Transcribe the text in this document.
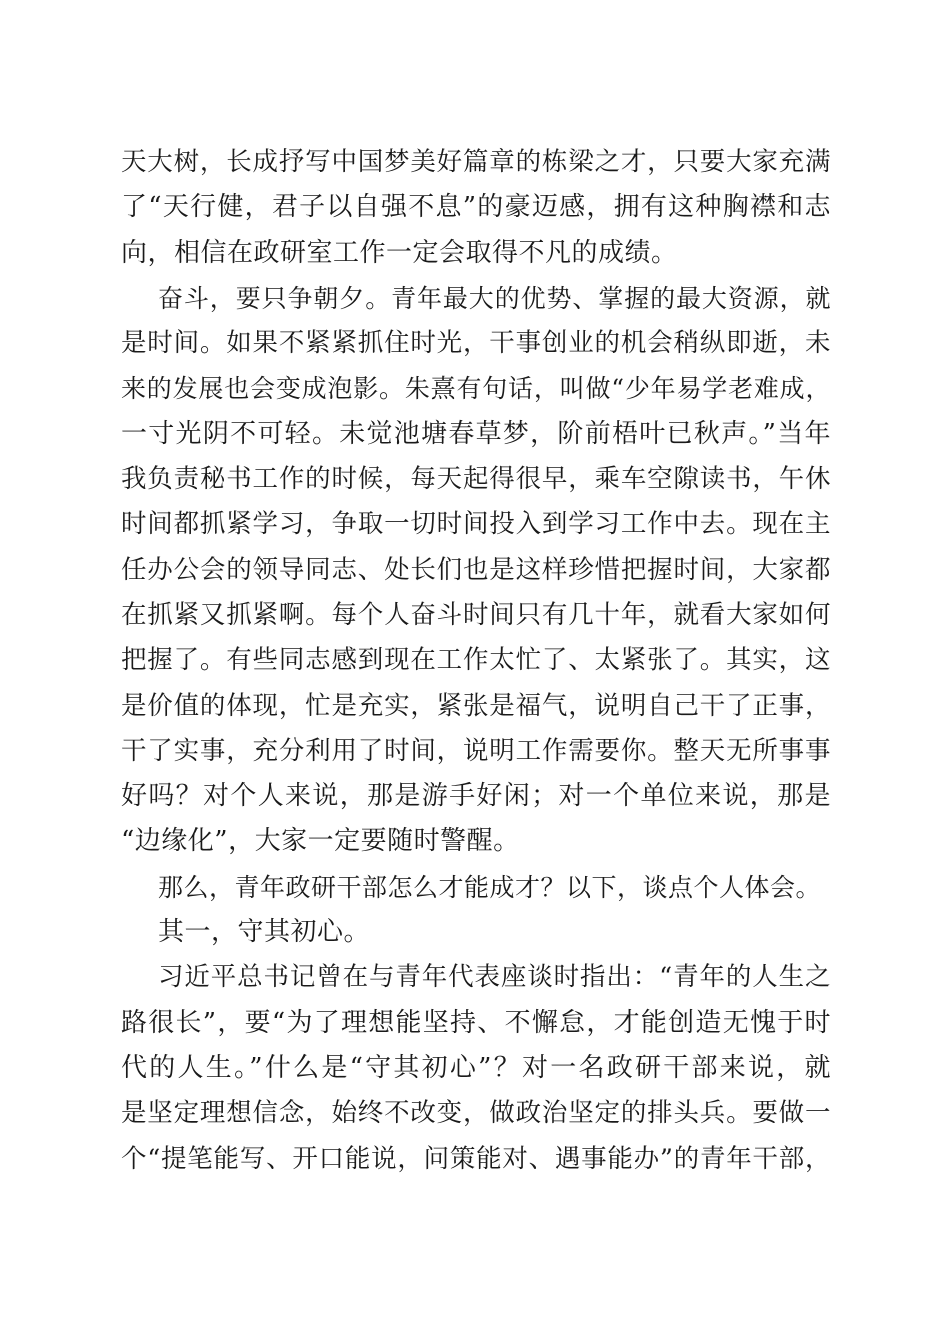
天大树，长成抒写中国梦美好篇章的栋梁之才，只要大家充满
了“天行健，君子以自强不息”的豪迈感，拥有这种胸襟和志
向，相信在政研室工作一定会取得不凡的成绩。
奋斗，要只争朝夕。青年最大的优势、掌握的最大资源，就
是时间。如果不紧紧抓住时光，干事创业的机会稍纵即逝，未
来的发展也会变成泡影。朱熹有句话，叫做“少年易学老难成，
一寸光阴不可轻。未觉池塘春草梦，阶前梧叶已秋声。”当年
我负责秘书工作的时候，每天起得很早，乘车空隙读书，午休
时间都抓紧学习，争取一切时间投入到学习工作中去。现在主
任办公会的领导同志、处长们也是这样珍惜把握时间，大家都
在抓紧又抓紧啊。每个人奋斗时间只有几十年，就看大家如何
把握了。有些同志感到现在工作太忙了、太紧张了。其实，这
是价值的体现，忙是充实，紧张是福气，说明自己干了正事，
干了实事，充分利用了时间，说明工作需要你。整天无所事事
好吗？对个人来说，那是游手好闲；对一个单位来说，那是
“边缘化”，大家一定要随时警醒。
那么，青年政研干部怎么才能成才？以下，谈点个人体会。
其一，守其初心。
习近平总书记曾在与青年代表座谈时指出：“青年的人生之
路很长”，要“为了理想能坚持、不懈怠，才能创造无愧于时
代的人生。”什么是“守其初心”？对一名政研干部来说，就
是坚定理想信念，始终不改变，做政治坚定的排头兵。要做一
个“提笔能写、开口能说，问策能对、遇事能办”的青年干部，
